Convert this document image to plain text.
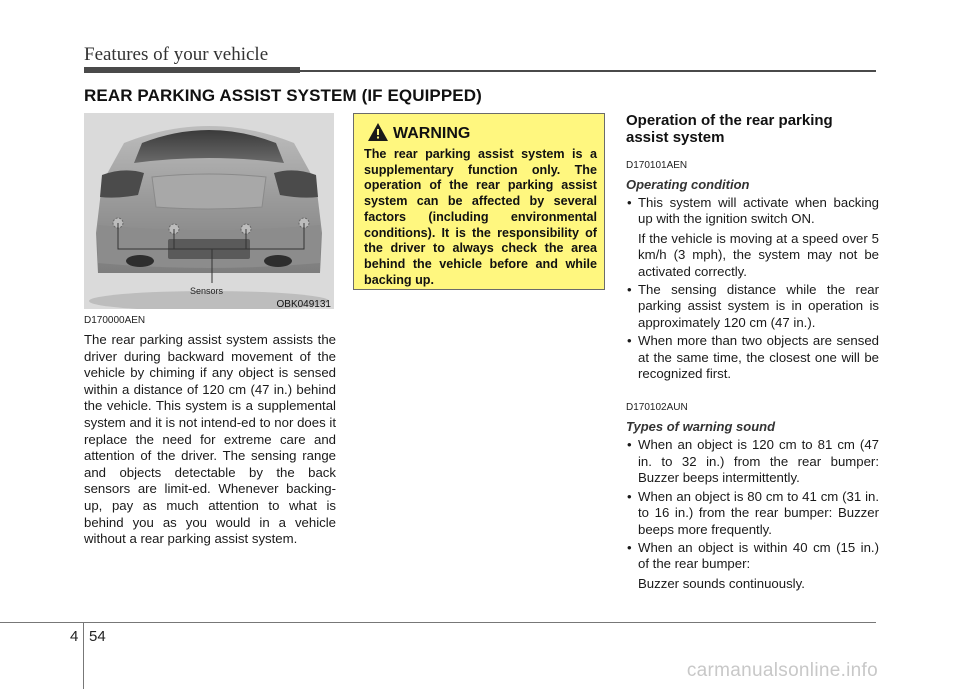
Features of your vehicle
REAR PARKING ASSIST SYSTEM (IF EQUIPPED)
Sensors
OBK049131
D170000AEN
The rear parking assist system assists the driver during backward movement of the vehicle by chiming if any object is sensed within a distance of 120 cm (47 in.) behind the vehicle. This system is a supplemental system and it is not intend-ed to nor does it replace the need for extreme care and attention of the driver. The sensing range and objects detectable by the back sensors are limit-ed. Whenever backing-up, pay as much attention to what is behind you as you would in a vehicle without a rear parking assist system.
WARNING
The rear parking assist system is a supplementary function only. The operation of the rear parking assist system can be affected by several factors (including environmental conditions). It is the responsibility of the driver to always check the area behind the vehicle before and while backing up.
Operation of the rear parking assist system
D170101AEN
Operating condition
• This system will activate when backing up with the ignition switch ON.

If the vehicle is moving at a speed over 5 km/h (3 mph), the system may not be activated correctly.

• The sensing distance while the rear parking assist system is in operation is approximately 120 cm (47 in.).

• When more than two objects are sensed at the same time, the closest one will be recognized first.

D170102AUN
Types of warning sound
• When an object is 120 cm to 81 cm (47 in. to 32 in.) from the rear bumper: Buzzer beeps intermittently.

• When an object is 80 cm to 41 cm (31 in. to 16 in.) from the rear bumper: Buzzer beeps more frequently.

• When an object is within 40 cm (15 in.) of the rear bumper:

Buzzer sounds continuously.

4 54
carmanualsonline.info
